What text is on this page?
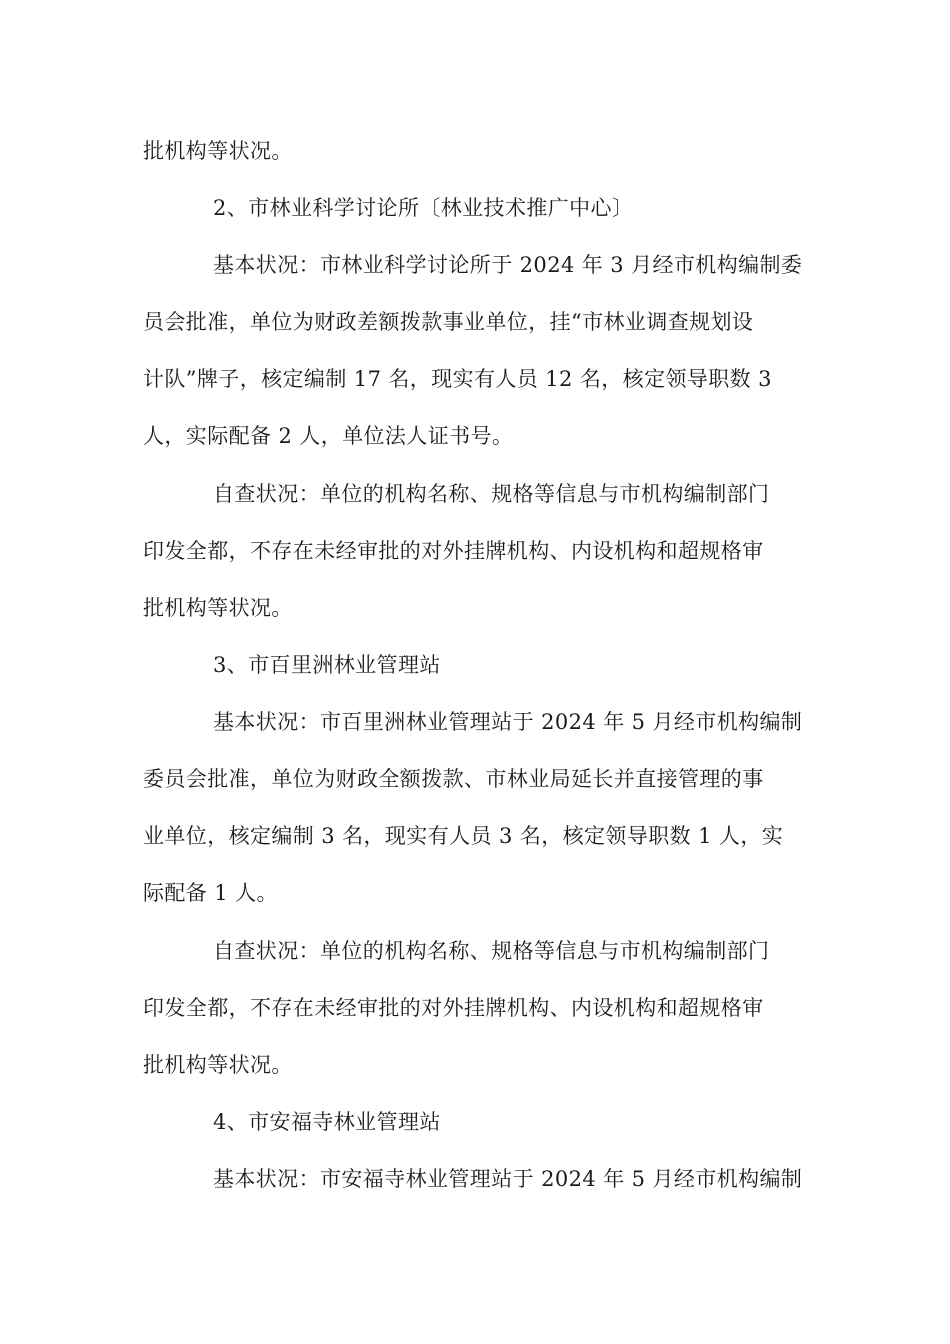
批机构等状况。
2、市林业科学讨论所〔林业技术推广中心〕
基本状况：市林业科学讨论所于 2024 年 3 月经市机构编制委
员会批准，单位为财政差额拨款事业单位，挂“市林业调查规划设
计队”牌子，核定编制 17 名，现实有人员 12 名，核定领导职数 3
人，实际配备 2 人，单位法人证书号。
自查状况：单位的机构名称、规格等信息与市机构编制部门
印发全都，不存在未经审批的对外挂牌机构、内设机构和超规格审
批机构等状况。
3、市百里洲林业管理站
基本状况：市百里洲林业管理站于 2024 年 5 月经市机构编制
委员会批准，单位为财政全额拨款、市林业局延长并直接管理的事
业单位，核定编制 3 名，现实有人员 3 名，核定领导职数 1 人，实
际配备 1 人。
自查状况：单位的机构名称、规格等信息与市机构编制部门
印发全都，不存在未经审批的对外挂牌机构、内设机构和超规格审
批机构等状况。
4、市安福寺林业管理站
基本状况：市安福寺林业管理站于 2024 年 5 月经市机构编制
